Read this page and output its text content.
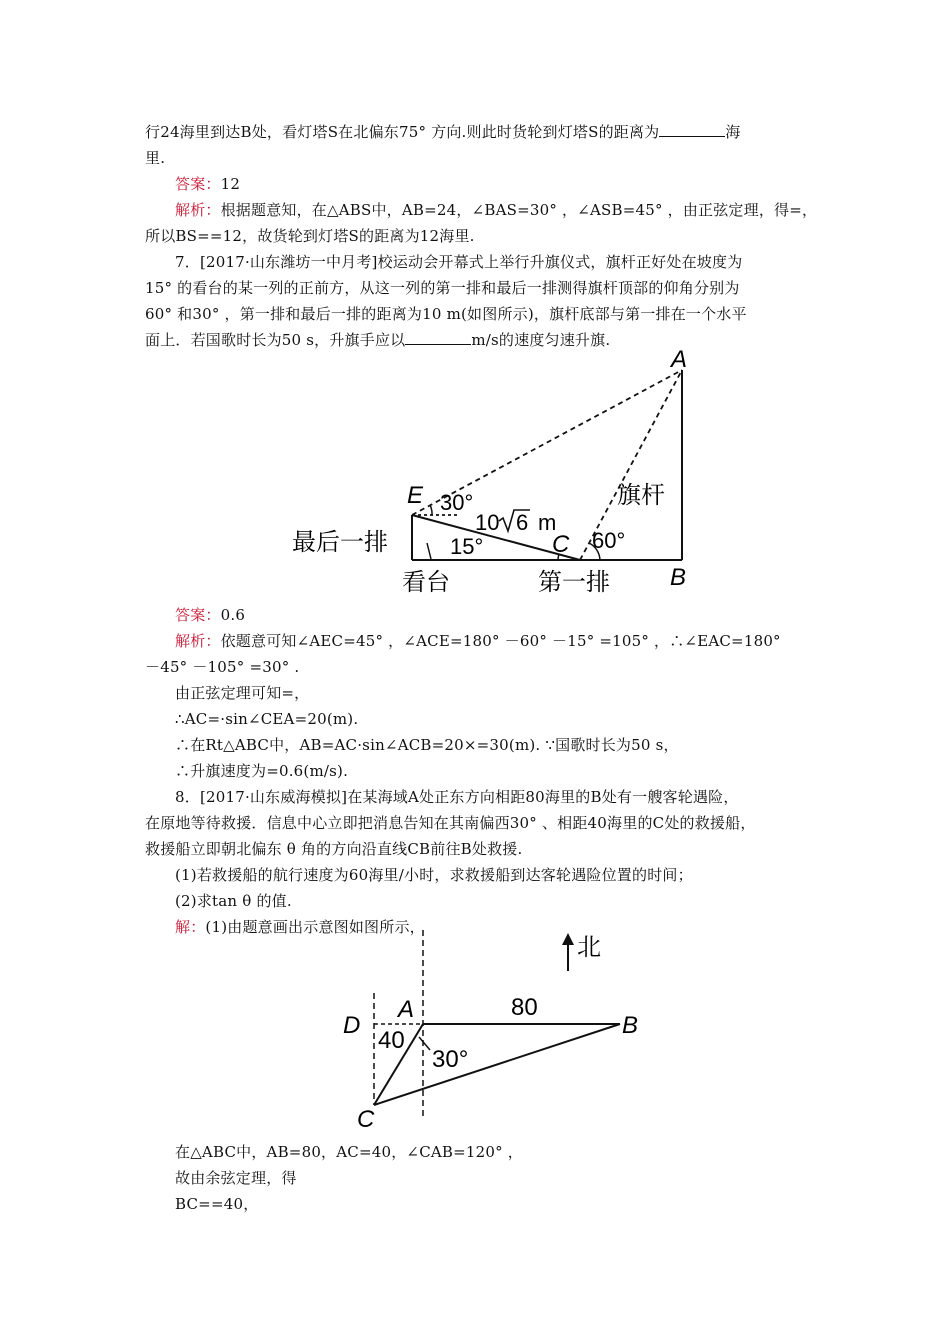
行24海里到达B处，看灯塔S在北偏东75° 方向.则此时货轮到灯塔S的距离为	海
里.
答案：12
解析：根据题意知，在△ABS中，AB=24，∠BAS=30° ，∠ASB=45° ，由正弦定理，得=，
所以BS==12，故货轮到灯塔S的距离为12海里.
7．[2017·山东潍坊一中月考]校运动会开幕式上举行升旗仪式，旗杆正好处在坡度为
15° 的看台的某一列的正前方，从这一列的第一排和最后一排测得旗杆顶部的仰角分别为
60° 和30° ，第一排和最后一排的距离为10 m(如图所示)，旗杆底部与第一排在一个水平
面上．若国歌时长为50 s，升旗手应以	m/s的速度匀速升旗.
A
B
C
E 30°
60°
15°
10 6 m
旗杆
最后一排
看台	第一排
答案：0.6
解析：依题意可知∠AEC=45° ，∠ACE=180° －60° －15° =105° ，∴∠EAC=180°
－45° －105° =30° .
由正弦定理可知=，
∴AC=·sin∠CEA=20(m).
∴在Rt△ABC中，AB=AC·sin∠ACB=20×=30(m). ∵国歌时长为50 s，
∴升旗速度为=0.6(m/s).
8．[2017·山东威海模拟]在某海域A处正东方向相距80海里的B处有一艘客轮遇险，
在原地等待救援．信息中心立即把消息告知在其南偏西30° 、相距40海里的C处的救援船，
救援船立即朝北偏东 θ 角的方向沿直线CB前往B处救援.
(1)若救援船的航行速度为60海里/小时，求救援船到达客轮遇险位置的时间；
(2)求tan θ 的值.
解：(1)由题意画出示意图如图所示，
北
A
B
C
D
80
40
30°
在△ABC中，AB=80，AC=40，∠CAB=120° ，
故由余弦定理，得
BC==40，
